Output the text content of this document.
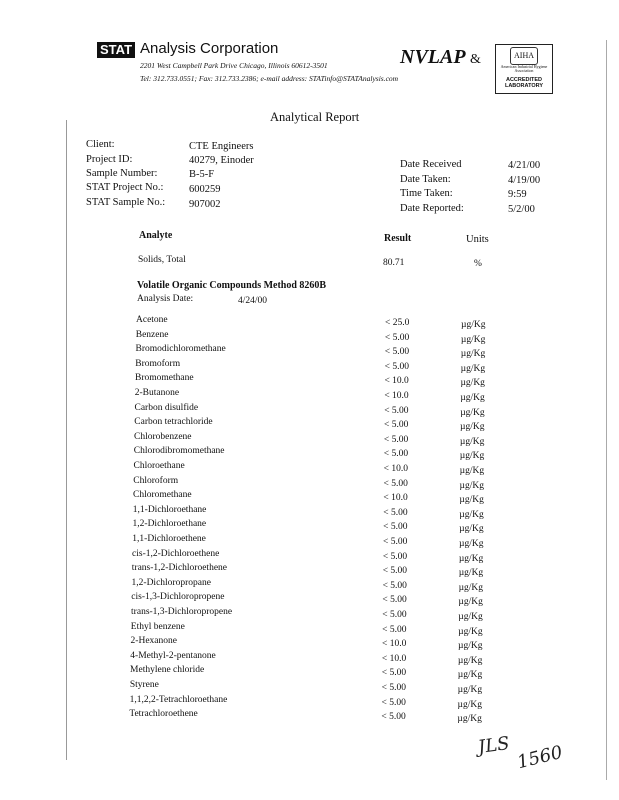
STAT Analysis Corporation
2201 West Campbell Park Drive Chicago, Illinois 60612-3501
Tel: 312.733.0551; Fax: 312.733.2386; e-mail address: STATinfo@STATAnalysis.com
NVLAP &	AIHA
American Industrial Hygiene Association
ACCREDITED LABORATORY
Analytical Report
Client:	CTE Engineers
Project ID:	40279, Einoder
Sample Number:	B-5-F
STAT Project No.: 600259
STAT Sample No.: 907002
Date Received	4/21/00
Date Taken:	4/19/00
Time Taken:	9:59
Date Reported:	5/2/00
Analyte	Result	Units
Solids, Total	80.71	%
Volatile Organic Compounds Method 8260B
Analysis Date:	4/24/00
Acetone	< 25.0	µg/Kg
Benzene	< 5.00	µg/Kg
Bromodichloromethane	< 5.00	µg/Kg
Bromoform	< 5.00	µg/Kg
Bromomethane	< 10.0	µg/Kg
2-Butanone	< 10.0	µg/Kg
Carbon disulfide	< 5.00	µg/Kg
Carbon tetrachloride	< 5.00	µg/Kg
Chlorobenzene	< 5.00	µg/Kg
Chlorodibromomethane	< 5.00	µg/Kg
Chloroethane	< 10.0	µg/Kg
Chloroform	< 5.00	µg/Kg
Chloromethane	< 10.0	µg/Kg
1,1-Dichloroethane	< 5.00	µg/Kg
1,2-Dichloroethane	< 5.00	µg/Kg
1,1-Dichloroethene	< 5.00	µg/Kg
cis-1,2-Dichloroethene	< 5.00	µg/Kg
trans-1,2-Dichloroethene	< 5.00	µg/Kg
1,2-Dichloropropane	< 5.00	µg/Kg
cis-1,3-Dichloropropene	< 5.00	µg/Kg
trans-1,3-Dichloropropene	< 5.00	µg/Kg
Ethyl benzene	< 5.00	µg/Kg
2-Hexanone	< 10.0	µg/Kg
4-Methyl-2-pentanone	< 10.0	µg/Kg
Methylene chloride	< 5.00	µg/Kg
Styrene	< 5.00	µg/Kg
1,1,2,2-Tetrachloroethane	< 5.00	µg/Kg
Tetrachloroethene	< 5.00	µg/Kg
JLS 1560
